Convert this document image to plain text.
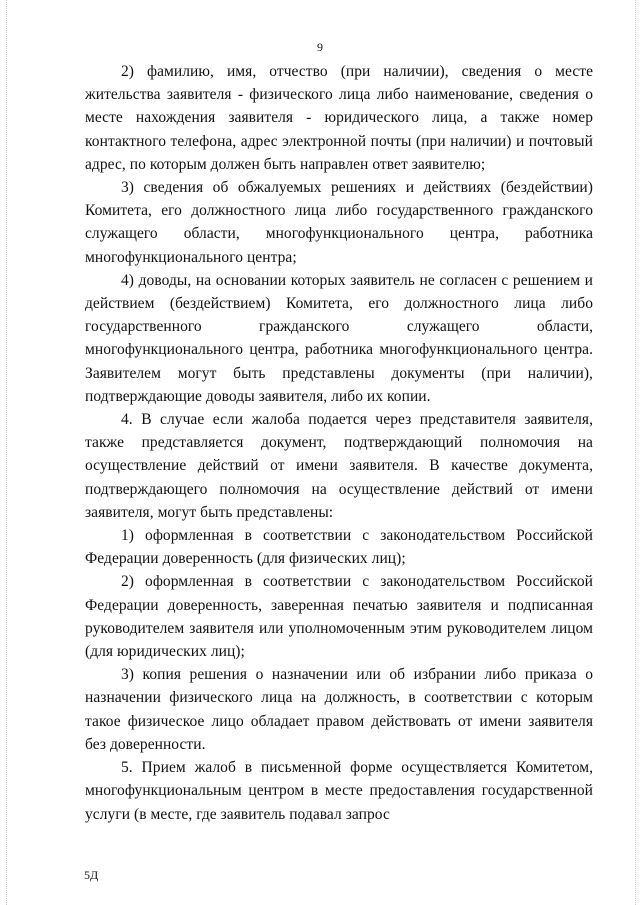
9

2) фамилию, имя, отчество (при наличии), сведения о месте жительства заявителя - физического лица либо наименование, сведения о месте нахождения заявителя - юридического лица, а также номер контактного телефона, адрес электронной почты (при наличии) и почтовый адрес, по которым должен быть направлен ответ заявителю;

3) сведения об обжалуемых решениях и действиях (бездействии) Комитета, его должностного лица либо государственного гражданского служащего области, многофункционального центра, работника многофункционального центра;

4) доводы, на основании которых заявитель не согласен с решением и действием (бездействием) Комитета, его должностного лица либо государственного гражданского служащего области, многофункционального центра, работника многофункционального центра. Заявителем могут быть представлены документы (при наличии), подтверждающие доводы заявителя, либо их копии.

4. В случае если жалоба подается через представителя заявителя, также представляется документ, подтверждающий полномочия на осуществление действий от имени заявителя. В качестве документа, подтверждающего полномочия на осуществление действий от имени заявителя, могут быть представлены:

1) оформленная в соответствии с законодательством Российской Федерации доверенность (для физических лиц);

2) оформленная в соответствии с законодательством Российской Федерации доверенность, заверенная печатью заявителя и подписанная руководителем заявителя или уполномоченным этим руководителем лицом (для юридических лиц);

3) копия решения о назначении или об избрании либо приказа о назначении физического лица на должность, в соответствии с которым такое физическое лицо обладает правом действовать от имени заявителя без доверенности.

5. Прием жалоб в письменной форме осуществляется Комитетом, многофункциональным центром в месте предоставления государственной услуги (в месте, где заявитель подавал запрос

5Д
